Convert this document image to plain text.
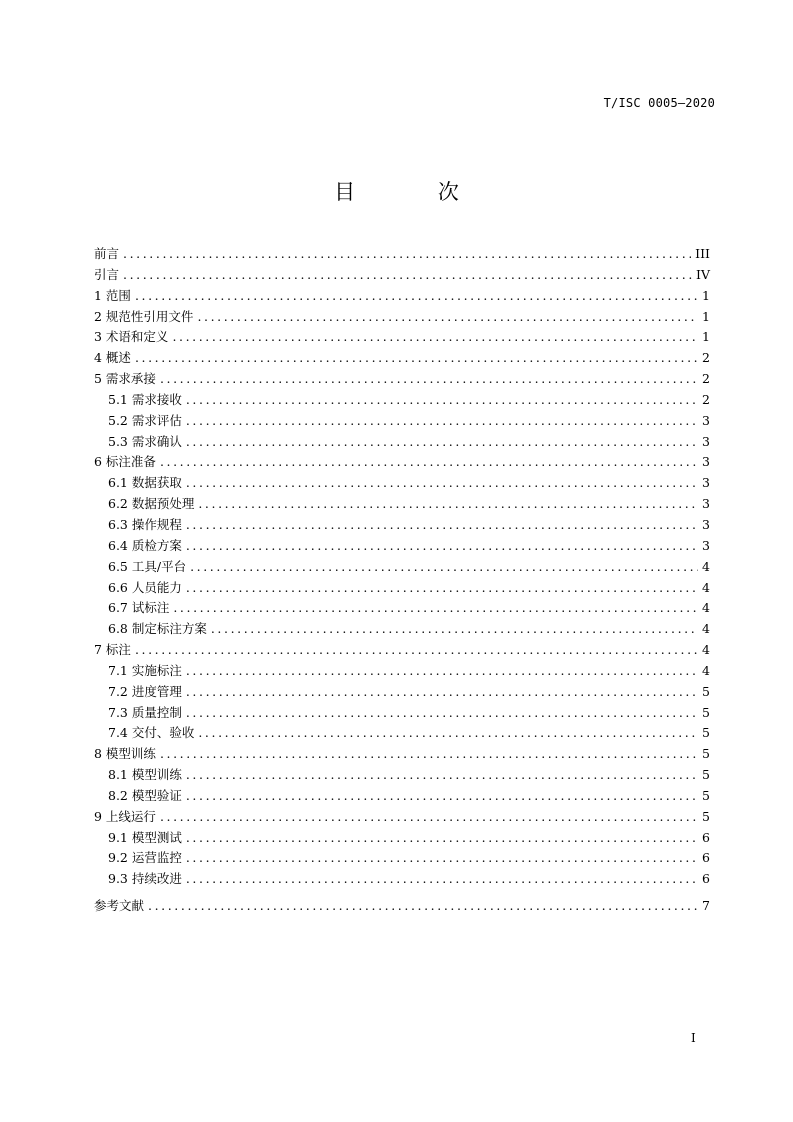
T/ISC 0005—2020
目 次
前言 .....	III
引言 .....	IV
1 范围 .....	1
2 规范性引用文件 .....	1
3 术语和定义 .....	1
4 概述 .....	2
5 需求承接 .....	2
5.1 需求接收 .....	2
5.2 需求评估 .....	3
5.3 需求确认 .....	3
6 标注准备 .....	3
6.1 数据获取 .....	3
6.2 数据预处理 .....	3
6.3 操作规程 .....	3
6.4 质检方案 .....	3
6.5 工具/平台 .....	4
6.6 人员能力 .....	4
6.7 试标注 .....	4
6.8 制定标注方案 .....	4
7 标注 .....	4
7.1 实施标注 .....	4
7.2 进度管理 .....	5
7.3 质量控制 .....	5
7.4 交付、验收 .....	5
8 模型训练 .....	5
8.1 模型训练 .....	5
8.2 模型验证 .....	5
9 上线运行 .....	5
9.1 模型测试 .....	6
9.2 运营监控 .....	6
9.3 持续改进 .....	6
参考文献 .....	7
I
